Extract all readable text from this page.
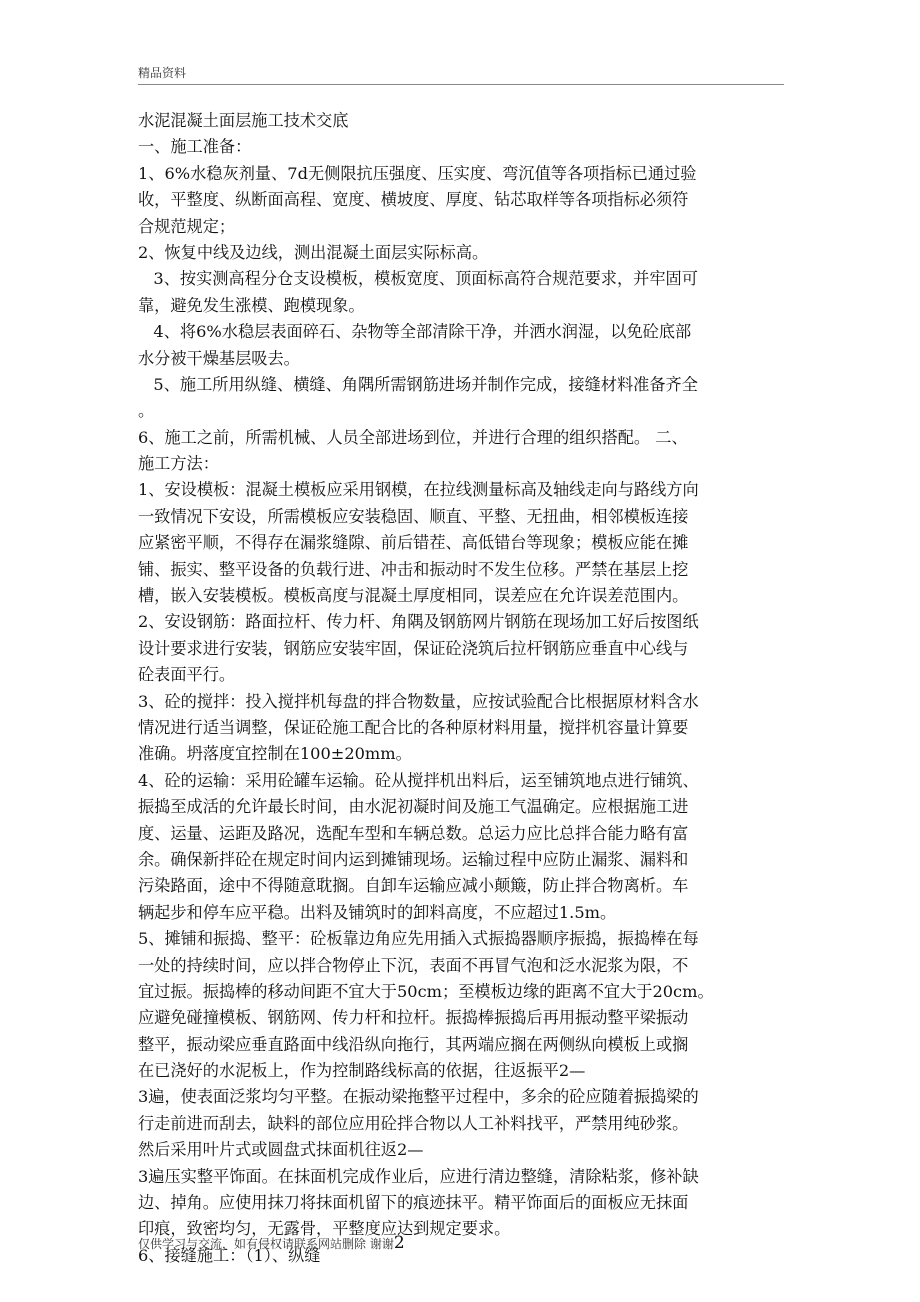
精品资料
水泥混凝土面层施工技术交底
一、施工准备：
1、6%水稳灰剂量、7d无侧限抗压强度、压实度、弯沉值等各项指标已通过验
收，平整度、纵断面高程、宽度、横坡度、厚度、钻芯取样等各项指标必须符
合规范规定；
2、恢复中线及边线，测出混凝土面层实际标高。
3、按实测高程分仓支设模板，模板宽度、顶面标高符合规范要求，并牢固可
靠，避免发生涨模、跑模现象。
4、将6%水稳层表面碎石、杂物等全部清除干净，并洒水润湿，以免砼底部
水分被干燥基层吸去。
5、施工所用纵缝、横缝、角隅所需钢筋进场并制作完成，接缝材料准备齐全
。
6、施工之前，所需机械、人员全部进场到位，并进行合理的组织搭配。 二、
施工方法：
1、安设模板：混凝土模板应采用钢模，在拉线测量标高及轴线走向与路线方向
一致情况下安设，所需模板应安装稳固、顺直、平整、无扭曲，相邻模板连接
应紧密平顺，不得存在漏浆缝隙、前后错茬、高低错台等现象；模板应能在摊
铺、振实、整平设备的负载行进、冲击和振动时不发生位移。严禁在基层上挖
槽，嵌入安装模板。模板高度与混凝土厚度相同，误差应在允许误差范围内。
2、安设钢筋：路面拉杆、传力杆、角隅及钢筋网片钢筋在现场加工好后按图纸
设计要求进行安装，钢筋应安装牢固，保证砼浇筑后拉杆钢筋应垂直中心线与
砼表面平行。
3、砼的搅拌：投入搅拌机每盘的拌合物数量，应按试验配合比根据原材料含水
情况进行适当调整，保证砼施工配合比的各种原材料用量，搅拌机容量计算要
准确。坍落度宜控制在100±20mm。
4、砼的运输：采用砼罐车运输。砼从搅拌机出料后，运至铺筑地点进行铺筑、
振捣至成活的允许最长时间，由水泥初凝时间及施工气温确定。应根据施工进
度、运量、运距及路况，选配车型和车辆总数。总运力应比总拌合能力略有富
余。确保新拌砼在规定时间内运到摊铺现场。运输过程中应防止漏浆、漏料和
污染路面，途中不得随意耽搁。自卸车运输应减小颠簸，防止拌合物离析。车
辆起步和停车应平稳。出料及铺筑时的卸料高度，不应超过1.5m。
5、摊铺和振捣、整平：砼板靠边角应先用插入式振捣器顺序振捣，振捣棒在每
一处的持续时间，应以拌合物停止下沉，表面不再冒气泡和泛水泥浆为限，不
宜过振。振捣棒的移动间距不宜大于50cm；至模板边缘的距离不宜大于20cm。
应避免碰撞模板、钢筋网、传力杆和拉杆。振捣棒振捣后再用振动整平梁振动
整平，振动梁应垂直路面中线沿纵向拖行，其两端应搁在两侧纵向模板上或搁
在已浇好的水泥板上，作为控制路线标高的依据，往返振平2—
3遍，使表面泛浆均匀平整。在振动梁拖整平过程中，多余的砼应随着振捣梁的
行走前进而刮去，缺料的部位应用砼拌合物以人工补料找平，严禁用纯砂浆。
然后采用叶片式或圆盘式抹面机往返2—
3遍压实整平饰面。在抹面机完成作业后，应进行清边整缝，清除粘浆，修补缺
边、掉角。应使用抹刀将抹面机留下的痕迹抹平。精平饰面后的面板应无抹面
印痕，致密均匀，无露骨，平整度应达到规定要求。
6、接缝施工：（1）、纵缝
仅供学习与交流，如有侵权请联系网站删除 谢谢2
